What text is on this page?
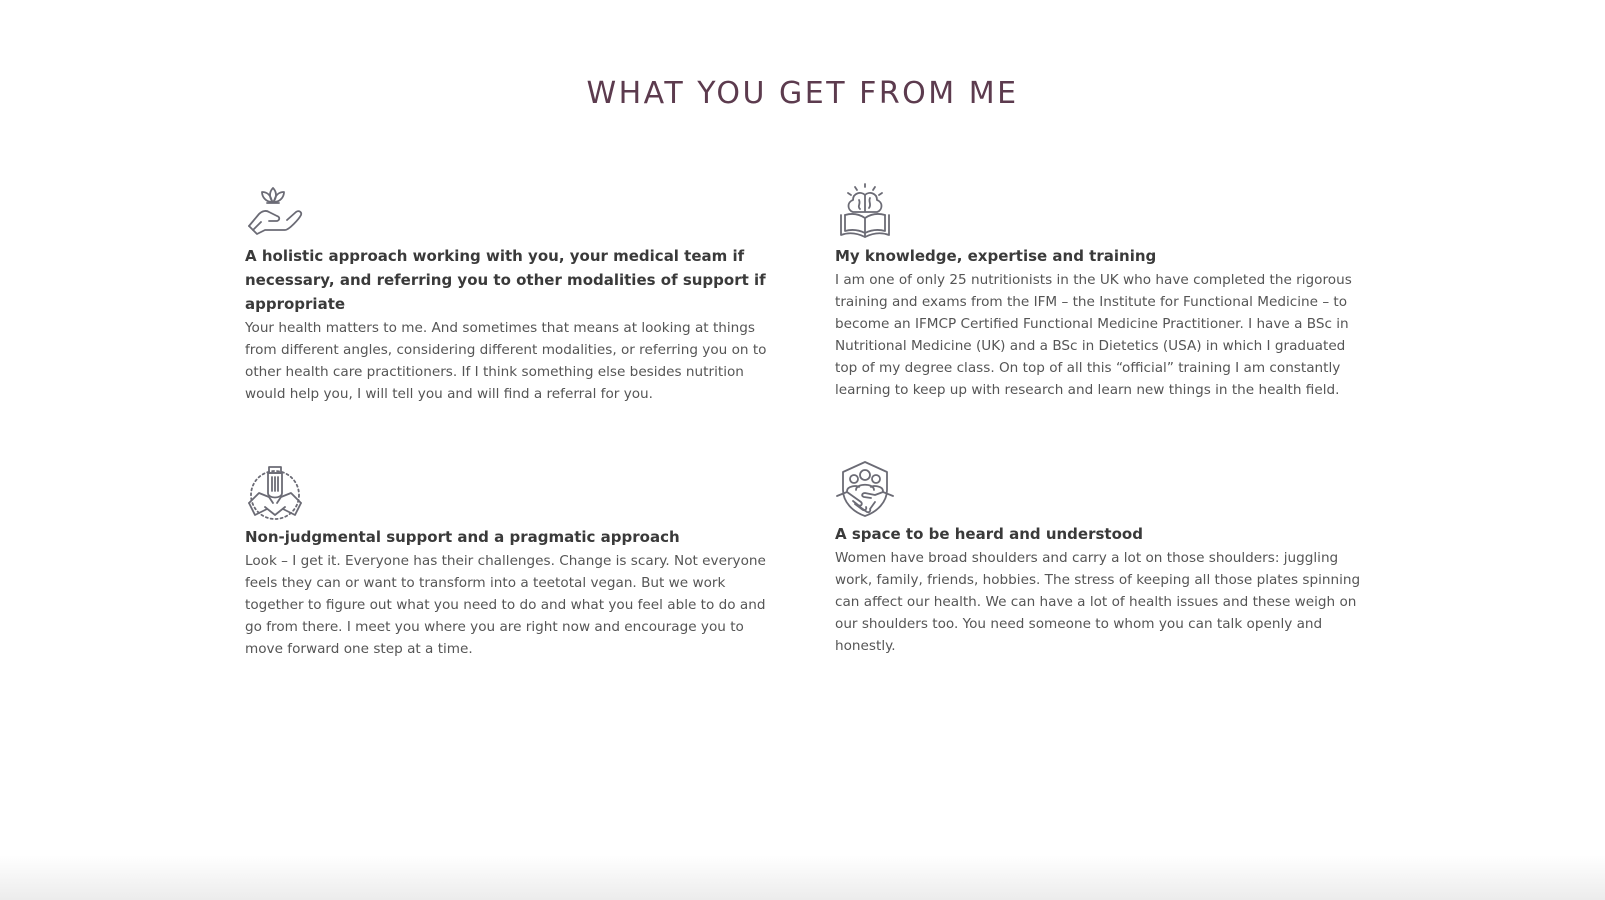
WHAT YOU GET FROM ME
A holistic approach working with you, your medical team if necessary, and referring you to other modalities of support if appropriate

Your health matters to me. And sometimes that means at looking at things from different angles, considering different modalities, or referring you on to other health care practitioners. If I think something else besides nutrition would help you, I will tell you and will find a referral for you.

My knowledge, expertise and training

I am one of only 25 nutritionists in the UK who have completed the rigorous training and exams from the IFM – the Institute for Functional Medicine – to become an IFMCP Certified Functional Medicine Practitioner. I have a BSc in Nutritional Medicine (UK) and a BSc in Dietetics (USA) in which I graduated top of my degree class. On top of all this “official” training I am constantly learning to keep up with research and learn new things in the health field.

Non-judgmental support and a pragmatic approach

Look – I get it. Everyone has their challenges. Change is scary. Not everyone feels they can or want to transform into a teetotal vegan. But we work together to figure out what you need to do and what you feel able to do and go from there. I meet you where you are right now and encourage you to move forward one step at a time.

A space to be heard and understood

Women have broad shoulders and carry a lot on those shoulders: juggling work, family, friends, hobbies. The stress of keeping all those plates spinning can affect our health. We can have a lot of health issues and these weigh on our shoulders too. You need someone to whom you can talk openly and honestly.
